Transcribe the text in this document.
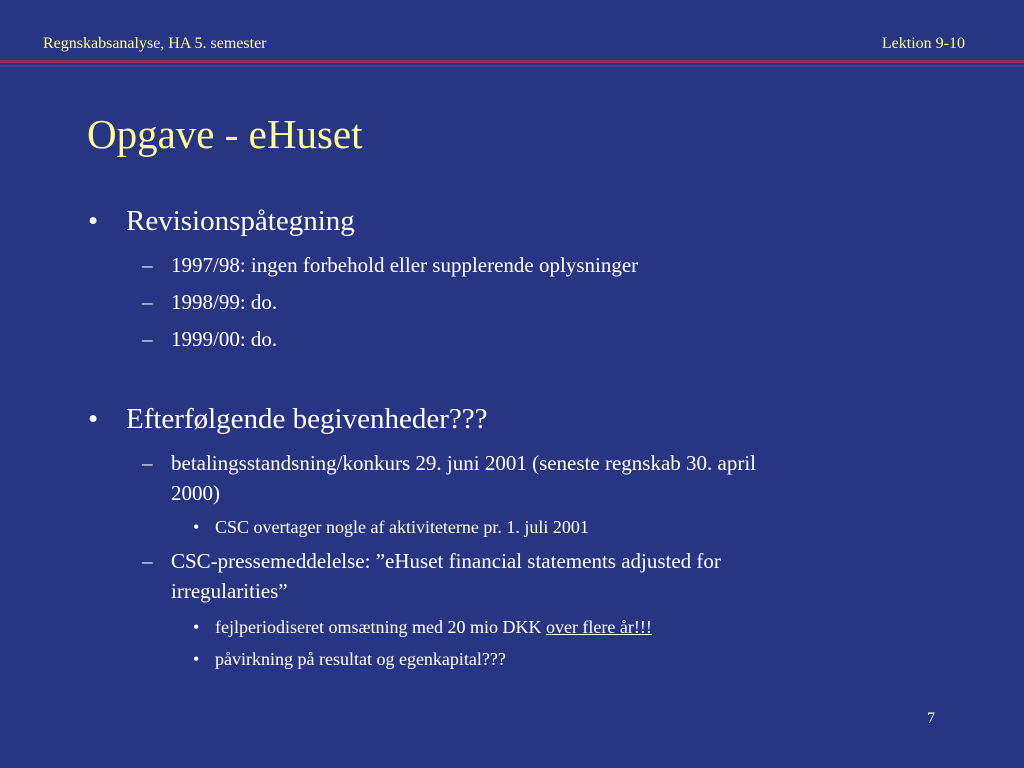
Regnskabsanalyse, HA 5. semester	Lektion 9-10
Opgave - eHuset
• Revisionspåtegning
– 1997/98: ingen forbehold eller supplerende oplysninger
– 1998/99: do.
– 1999/00: do.
• Efterfølgende begivenheder???
– betalingsstandsning/konkurs 29. juni 2001 (seneste regnskab 30. april
2000)
• CSC overtager nogle af aktiviteterne pr. 1. juli 2001
– CSC-pressemeddelelse: ”eHuset financial statements adjusted for
irregularities”
• fejlperiodiseret omsætning med 20 mio DKK over flere år!!!
• påvirkning på resultat og egenkapital???
7
